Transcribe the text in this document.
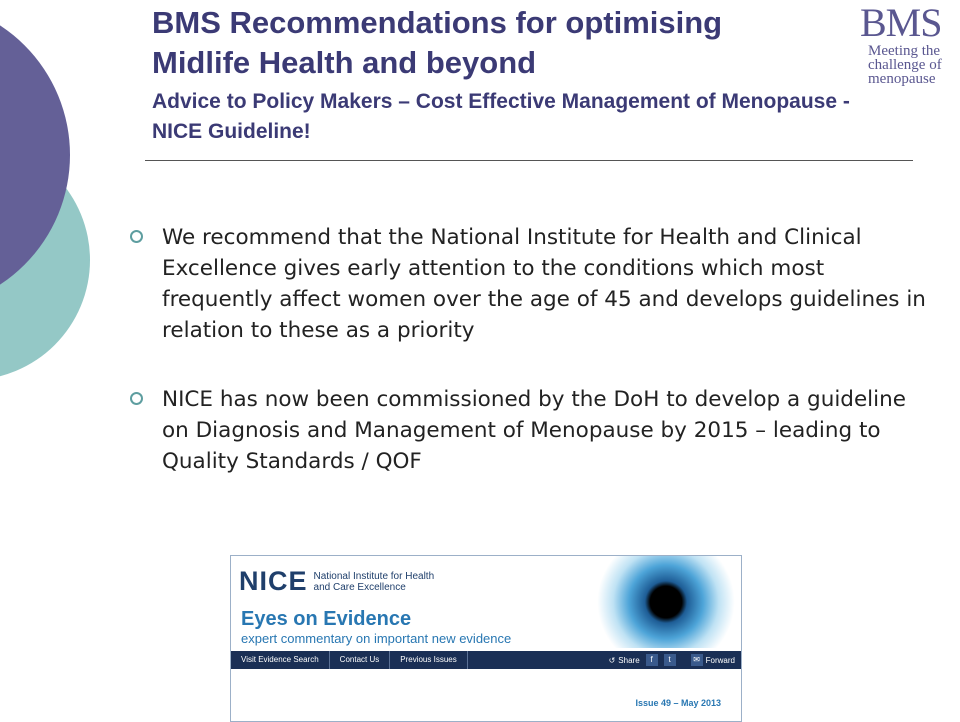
BMS Recommendations for optimising
Midlife Health and beyond
Advice to Policy Makers – Cost Effective Management of Menopause - NICE Guideline!
BMS
Meeting the challenge of menopause
We recommend that the National Institute for Health and Clinical Excellence gives early attention to the conditions which most frequently affect women over the age of 45 and develops guidelines in relation to these as a priority
NICE has now been commissioned by the DoH to develop a guideline on Diagnosis and Management of Menopause by 2015 – leading to Quality Standards / QOF
NICE National Institute for Health and Care Excellence
Eyes on Evidence
expert commentary on important new evidence
Visit Evidence Search	Contact Us	Previous Issues	↺ Share	f	t	✉ Forward
Issue 49 – May 2013
